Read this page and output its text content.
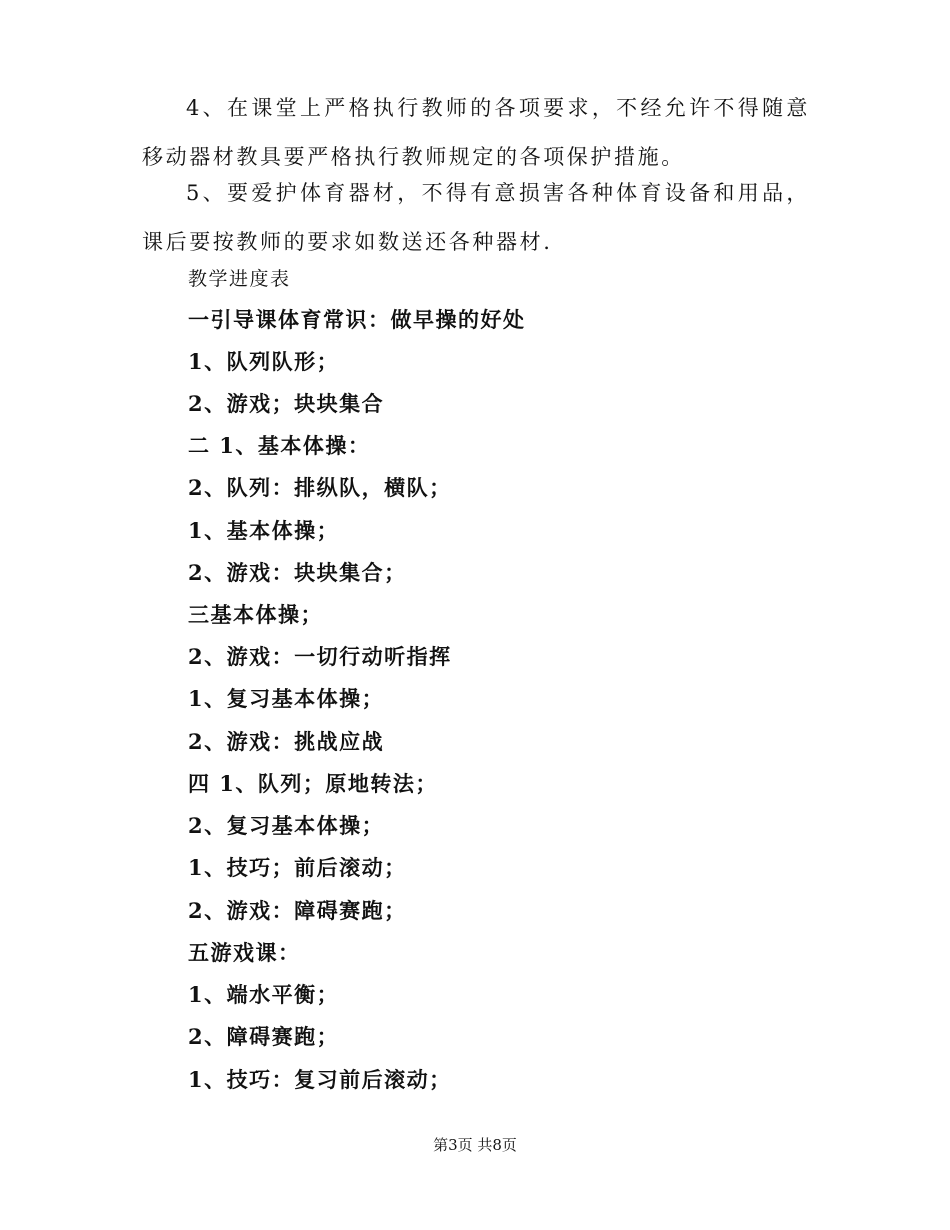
4、在课堂上严格执行教师的各项要求，不经允许不得随意移动器材教具要严格执行教师规定的各项保护措施。

5、要爱护体育器材，不得有意损害各种体育设备和用品，课后要按教师的要求如数送还各种器材.

教学进度表

一引导课体育常识：做早操的好处

1、队列队形；

2、游戏；块块集合

二 1、基本体操：

2、队列：排纵队，横队；

1、基本体操；

2、游戏：块块集合；

三基本体操；

2、游戏：一切行动听指挥

1、复习基本体操；

2、游戏：挑战应战

四 1、队列；原地转法；

2、复习基本体操；

1、技巧；前后滚动；

2、游戏：障碍赛跑；

五游戏课：

1、端水平衡；

2、障碍赛跑；

1、技巧：复习前后滚动；

第3页 共8页
